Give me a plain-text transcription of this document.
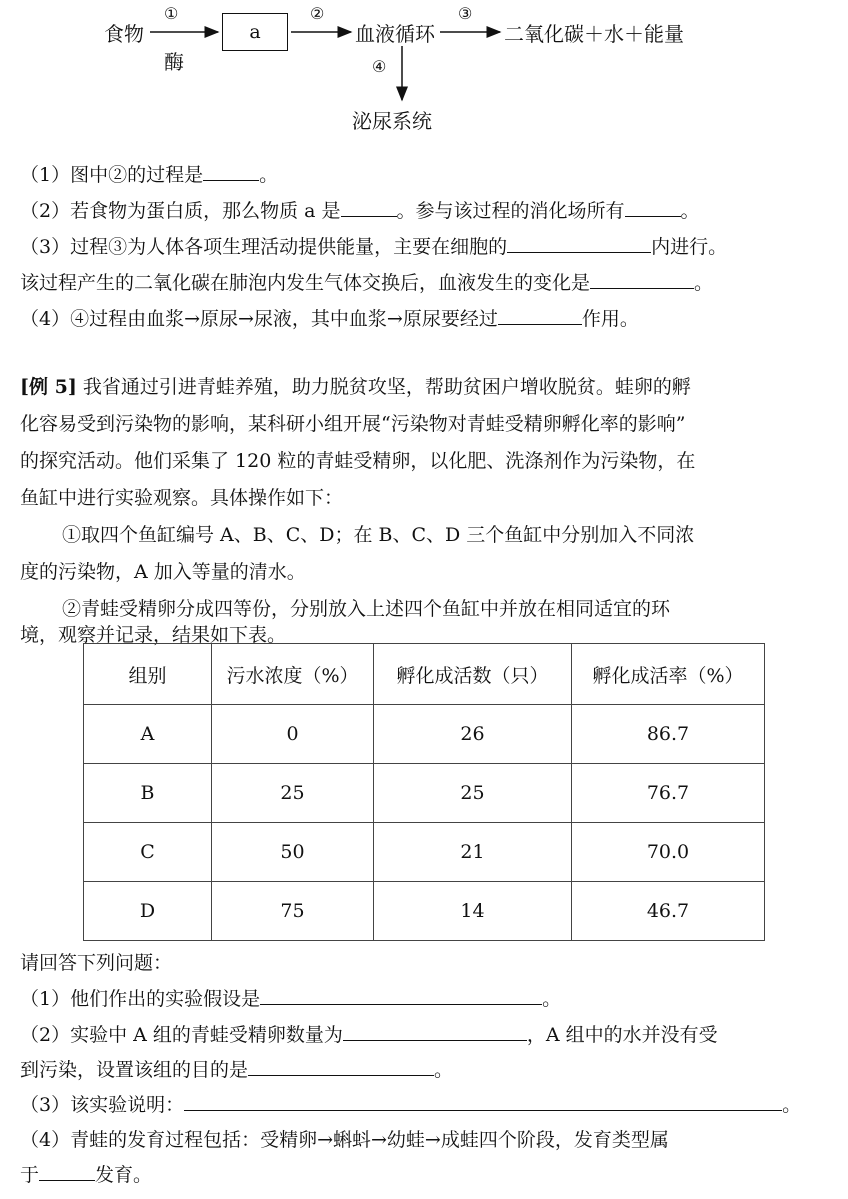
食物
①
酶
a
②
血液循环
③
二氧化碳＋水＋能量
④
泌尿系统
（1）图中②的过程是	。
（2）若食物为蛋白质，那么物质 a 是	。参与该过程的消化场所有	。
（3）过程③为人体各项生理活动提供能量，主要在细胞的	内进行。
该过程产生的二氧化碳在肺泡内发生气体交换后，血液发生的变化是	。
（4）④过程由血浆→原尿→尿液，其中血浆→原尿要经过	作用。
[例 5] 我省通过引进青蛙养殖，助力脱贫攻坚，帮助贫困户增收脱贫。蛙卵的孵
化容易受到污染物的影响，某科研小组开展“污染物对青蛙受精卵孵化率的影响”
的探究活动。他们采集了 120 粒的青蛙受精卵，以化肥、洗涤剂作为污染物，在
鱼缸中进行实验观察。具体操作如下：
①取四个鱼缸编号 A、B、C、D；在 B、C、D 三个鱼缸中分别加入不同浓
度的污染物，A 加入等量的清水。
②青蛙受精卵分成四等份，分别放入上述四个鱼缸中并放在相同适宜的环
境，观察并记录，结果如下表。
组别	污水浓度（%）	孵化成活数（只）	孵化成活率（%）
A	0	26	86.7
B	25	25	76.7
C	50	21	70.0
D	75	14	46.7
请回答下列问题：
（1）他们作出的实验假设是	。
（2）实验中 A 组的青蛙受精卵数量为	，A 组中的水并没有受
到污染，设置该组的目的是	。
（3）该实验说明：	。
（4）青蛙的发育过程包括：受精卵→蝌蚪→幼蛙→成蛙四个阶段，发育类型属
于	发育。
